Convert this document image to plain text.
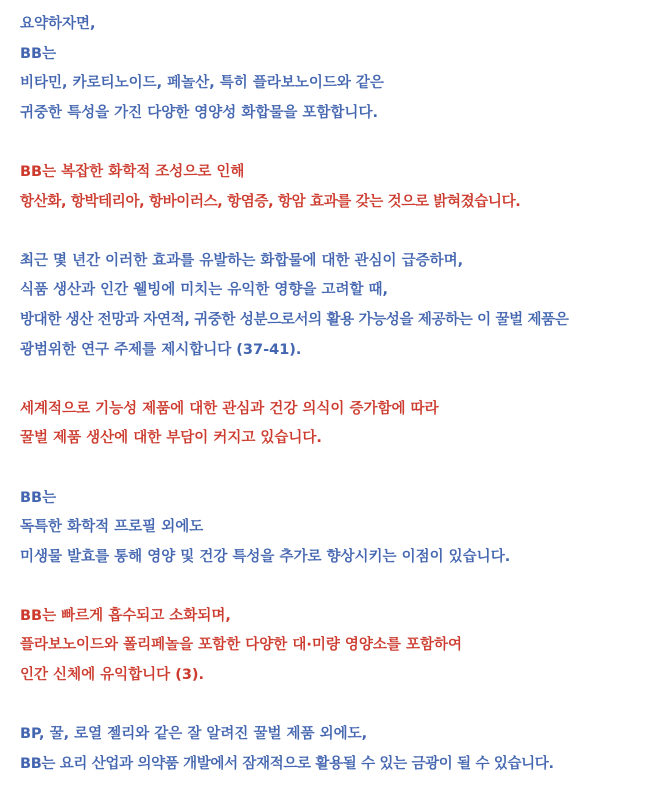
요약하자면,
BB는
비타민, 카로티노이드, 페놀산, 특히 플라보노이드와 같은
귀중한 특성을 가진 다양한 영양성 화합물을 포함합니다.
BB는 복잡한 화학적 조성으로 인해
항산화, 항박테리아, 항바이러스, 항염증, 항암 효과를 갖는 것으로 밝혀졌습니다.
최근 몇 년간 이러한 효과를 유발하는 화합물에 대한 관심이 급증하며,
식품 생산과 인간 웰빙에 미치는 유익한 영향을 고려할 때,
방대한 생산 전망과 자연적, 귀중한 성분으로서의 활용 가능성을 제공하는 이 꿀벌 제품은
광범위한 연구 주제를 제시합니다 (37-41).
세계적으로 기능성 제품에 대한 관심과 건강 의식이 증가함에 따라
꿀벌 제품 생산에 대한 부담이 커지고 있습니다.
BB는
독특한 화학적 프로필 외에도
미생물 발효를 통해 영양 및 건강 특성을 추가로 향상시키는 이점이 있습니다.
BB는 빠르게 흡수되고 소화되며,
플라보노이드와 폴리페놀을 포함한 다양한 대·미량 영양소를 포함하여
인간 신체에 유익합니다 (3).
BP, 꿀, 로열 젤리와 같은 잘 알려진 꿀벌 제품 외에도,
BB는 요리 산업과 의약품 개발에서 잠재적으로 활용될 수 있는 금광이 될 수 있습니다.
